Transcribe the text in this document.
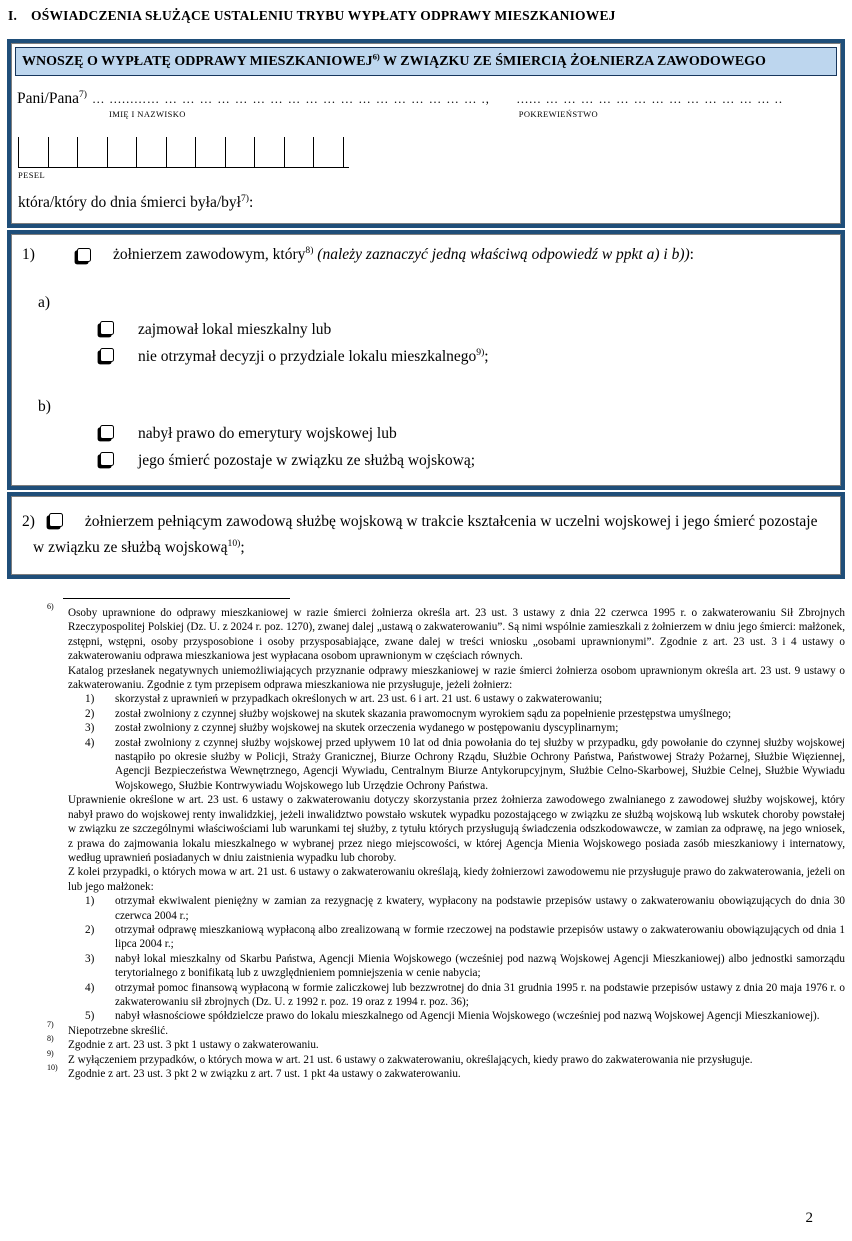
I. OŚWIADCZENIA SŁUŻĄCE USTALENIU TRYBU WYPŁATY ODPRAWY MIESZKANIOWEJ
WNOSZĘ O WYPŁATĘ ODPRAWY MIESZKANIOWEJ$^{6)}$ W ZWIĄZKU ZE ŚMIERCIĄ ŻOŁNIERZA ZAWODOWEGO
Pani/Pana$^{7)}$ … .........… … … … … … … … … … … … … … … … … … … .,
IMIĘ I NAZWISKO
...... … … … … … … … … … … … … … ..
POKREWIEŃSTWO
PESEL
która/który do dnia śmierci była/był$^{7)}$:
1)	żołnierzem zawodowym, który$^{8)}$ (należy zaznaczyć jedną właściwą odpowiedź w ppkt a) i b)):
a)
zajmował lokal mieszkalny lub
nie otrzymał decyzji o przydziale lokalu mieszkalnego$^{9)}$;
b)
nabył prawo do emerytury wojskowej lub
jego śmierć pozostaje w związku ze służbą wojskową;
2)	żołnierzem pełniącym zawodową służbę wojskową w trakcie kształcenia w uczelni wojskowej i jego śmierć pozostaje w związku ze służbą wojskową$^{10)}$;
6)

Osoby uprawnione do odprawy mieszkaniowej w razie śmierci żołnierza określa art. 23 ust. 3 ustawy z dnia 22 czerwca 1995 r. o zakwaterowaniu Sił Zbrojnych Rzeczypospolitej Polskiej (Dz. U. z 2024 r. poz. 1270), zwanej dalej „ustawą o zakwaterowaniu”. Są nimi wspólnie zamieszkali z żołnierzem w dniu jego śmierci: małżonek, zstępni, wstępni, osoby przysposobione i osoby przysposabiające, zwane dalej w treści wniosku „osobami uprawnionymi”. Zgodnie z art. 23 ust. 3 i 4 ustawy o zakwaterowaniu odprawa mieszkaniowa jest wypłacana osobom uprawnionym w częściach równych.

Katalog przesłanek negatywnych uniemożliwiających przyznanie odprawy mieszkaniowej w razie śmierci żołnierza osobom uprawnionym określa art. 23 ust. 9 ustawy o zakwaterowaniu. Zgodnie z tym przepisem odprawa mieszkaniowa nie przysługuje, jeżeli żołnierz:

1) skorzystał z uprawnień w przypadkach określonych w art. 23 ust. 6 i art. 21 ust. 6 ustawy o zakwaterowaniu;
2) został zwolniony z czynnej służby wojskowej na skutek skazania prawomocnym wyrokiem sądu za popełnienie przestępstwa umyślnego;
3) został zwolniony z czynnej służby wojskowej na skutek orzeczenia wydanego w postępowaniu dyscyplinarnym;
4) został zwolniony z czynnej służby wojskowej przed upływem 10 lat od dnia powołania do tej służby w przypadku, gdy powołanie do czynnej służby wojskowej nastąpiło po okresie służby w Policji, Straży Granicznej, Biurze Ochrony Rządu, Służbie Ochrony Państwa, Państwowej Straży Pożarnej, Służbie Więziennej, Agencji Bezpieczeństwa Wewnętrznego, Agencji Wywiadu, Centralnym Biurze Antykorupcyjnym, Służbie Celno-Skarbowej, Służbie Celnej, Służbie Wywiadu Wojskowego, Służbie Kontrwywiadu Wojskowego lub Urzędzie Ochrony Państwa.

Uprawnienie określone w art. 23 ust. 6 ustawy o zakwaterowaniu dotyczy skorzystania przez żołnierza zawodowego zwalnianego z zawodowej służby wojskowej, który nabył prawo do wojskowej renty inwalidzkiej, jeżeli inwalidztwo powstało wskutek wypadku pozostającego w związku ze służbą wojskową lub wskutek choroby powstałej w związku ze szczególnymi właściwościami lub warunkami tej służby, z tytułu których przysługują świadczenia odszkodowawcze, w zamian za odprawę, na jego wniosek, z prawa do zajmowania lokalu mieszkalnego w wybranej przez niego miejscowości, w której Agencja Mienia Wojskowego posiada zasób mieszkaniowy i internatowy, według uprawnień posiadanych w dniu zaistnienia wypadku lub choroby.

Z kolei przypadki, o których mowa w art. 21 ust. 6 ustawy o zakwaterowaniu określają, kiedy żołnierzowi zawodowemu nie przysługuje prawo do zakwaterowania, jeżeli on lub jego małżonek:

1) otrzymał ekwiwalent pieniężny w zamian za rezygnację z kwatery, wypłacony na podstawie przepisów ustawy o zakwaterowaniu obowiązujących do dnia 30 czerwca 2004 r.;
2) otrzymał odprawę mieszkaniową wypłaconą albo zrealizowaną w formie rzeczowej na podstawie przepisów ustawy o zakwaterowaniu obowiązujących od dnia 1 lipca 2004 r.;
3) nabył lokal mieszkalny od Skarbu Państwa, Agencji Mienia Wojskowego (wcześniej pod nazwą Wojskowej Agencji Mieszkaniowej) albo jednostki samorządu terytorialnego z bonifikatą lub z uwzględnieniem pomniejszenia w cenie nabycia;
4) otrzymał pomoc finansową wypłaconą w formie zaliczkowej lub bezzwrotnej do dnia 31 grudnia 1995 r. na podstawie przepisów ustawy z dnia 20 maja 1976 r. o zakwaterowaniu sił zbrojnych (Dz. U. z 1992 r. poz. 19 oraz z 1994 r. poz. 36);
5) nabył własnościowe spółdzielcze prawo do lokalu mieszkalnego od Agencji Mienia Wojskowego (wcześniej pod nazwą Wojskowej Agencji Mieszkaniowej).
7)

Niepotrzebne skreślić.

8)

Zgodnie z art. 23 ust. 3 pkt 1 ustawy o zakwaterowaniu.

9)

Z wyłączeniem przypadków, o których mowa w art. 21 ust. 6 ustawy o zakwaterowaniu, określających, kiedy prawo do zakwaterowania nie przysługuje.

10)

Zgodnie z art. 23 ust. 3 pkt 2 w związku z art. 7 ust. 1 pkt 4a ustawy o zakwaterowaniu.

2
